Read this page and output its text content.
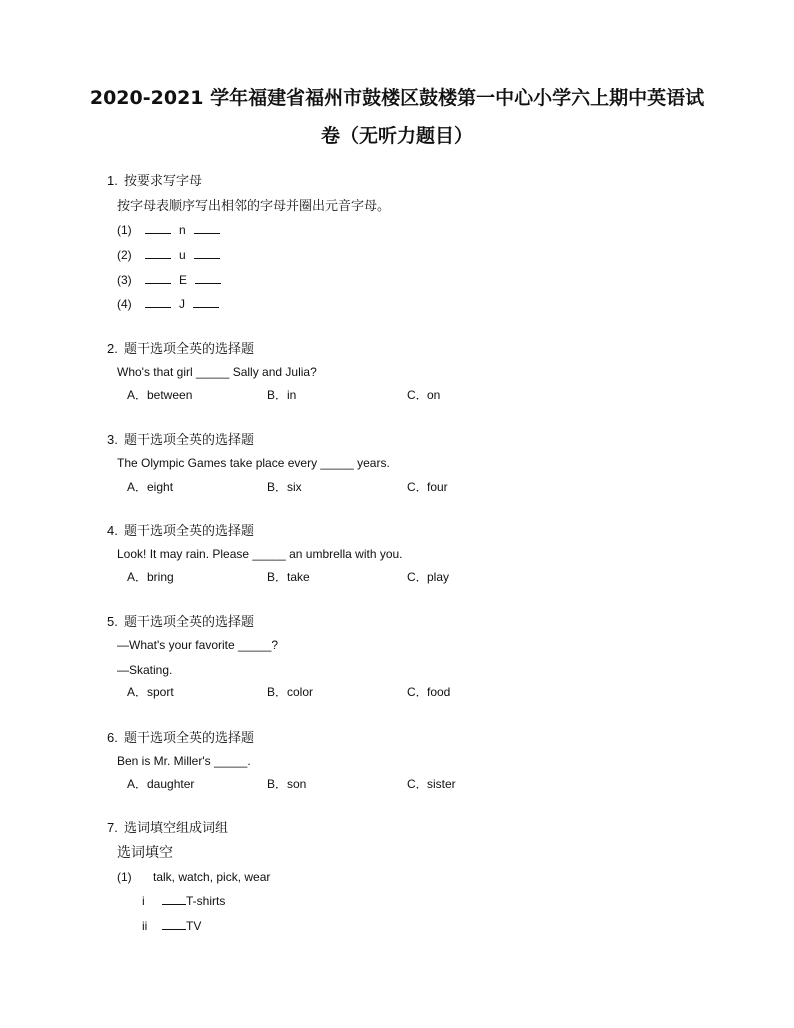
2020-2021 学年福建省福州市鼓楼区鼓楼第一中心小学六上期中英语试
卷（无听力题目）
1. 按要求写字母
按字母表顺序写出相邻的字母并圈出元音字母。
(1)	n
(2)	u
(3)	E
(4)	J
2. 题干选项全英的选择题
Who's that girl _____ Sally and Julia?
A．between	B．in	C．on
3. 题干选项全英的选择题
The Olympic Games take place every _____ years.
A．eight	B．six	C．four
4. 题干选项全英的选择题
Look! It may rain. Please _____ an umbrella with you.
A．bring	B．take	C．play
5. 题干选项全英的选择题
—What's your favorite _____?
—Skating.
A．sport	B．color	C．food
6. 题干选项全英的选择题
Ben is Mr. Miller's _____.
A．daughter	B．son	C．sister
7. 选词填空组成词组
选词填空
(1) talk, watch, pick, wear
i	T-shirts
ii	TV
